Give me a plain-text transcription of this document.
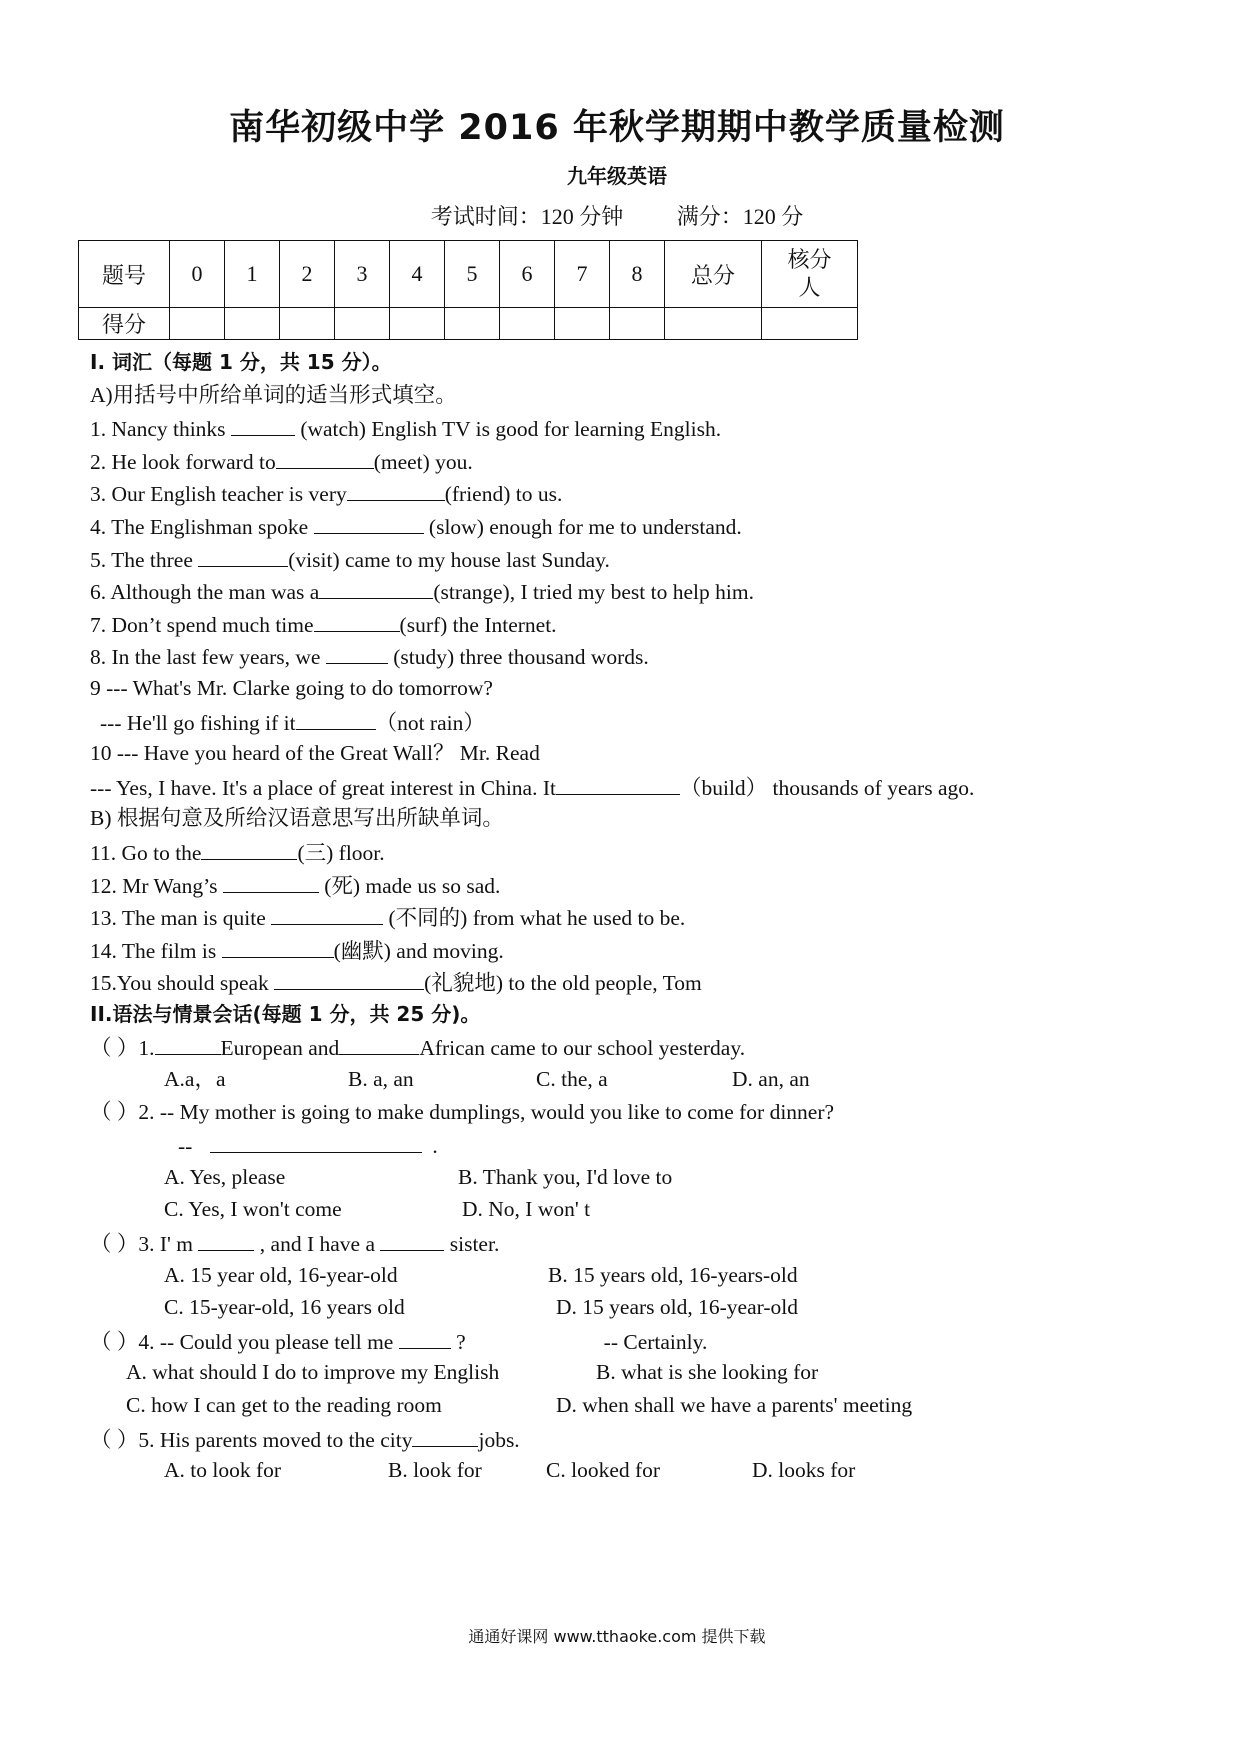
南华初级中学 2016 年秋学期期中教学质量检测
九年级英语
考试时间：120 分钟 满分：120 分
题号	0	1	2	3	4	5	6	7	8	总分	核分人
得分											
I. 词汇（每题 1 分，共 15 分）。
A)用括号中所给单词的适当形式填空。
1. Nancy thinks	(watch) English TV is good for learning English.
2. He look forward to	(meet) you.
3. Our English teacher is very	(friend) to us.
4. The Englishman spoke	(slow) enough for me to understand.
5. The three	(visit) came to my house last Sunday.
6. Although the man was a	(strange), I tried my best to help him.
7. Don’t spend much time	(surf) the Internet.
8. In the last few years, we	(study) three thousand words.
9 --- What's Mr. Clarke going to do tomorrow?
--- He'll go fishing if it	（not rain）
10 --- Have you heard of the Great Wall？ Mr. Read
--- Yes, I have. It's a place of great interest in China. It	（build） thousands of years ago.
B) 根据句意及所给汉语意思写出所缺单词。
11. Go to the	(三) floor.
12. Mr Wang’s	(死) made us so sad.
13. The man is quite	(不同的) from what he used to be.
14. The film is	(幽默) and moving.
15.You should speak	(礼貌地) to the old people, Tom
II.语法与情景会话(每题 1 分，共 25 分)。
（ ）1.	European and	African came to our school yesterday.
A.a，a	B. a, an	C. the, a	D. an, an
（ ）2. -- My mother is going to make dumplings, would you like to come for dinner?
--	.
A. Yes, please	B. Thank you, I'd love to
C. Yes, I won't come	D. No, I won' t
（ ）3. I' m	, and I have a	sister.
A. 15 year old, 16-year-old	B. 15 years old, 16-years-old
C. 15-year-old, 16 years old	D. 15 years old, 16-year-old
（ ）4. -- Could you please tell me  ?	-- Certainly.
A. what should I do to improve my English	B. what is she looking for
C. how I can get to the reading room	D. when shall we have a parents' meeting
（ ）5. His parents moved to the city	jobs.
A. to look for	B. look for	C. looked for	D. looks for
通通好课网 www.tthaoke.com 提供下载
